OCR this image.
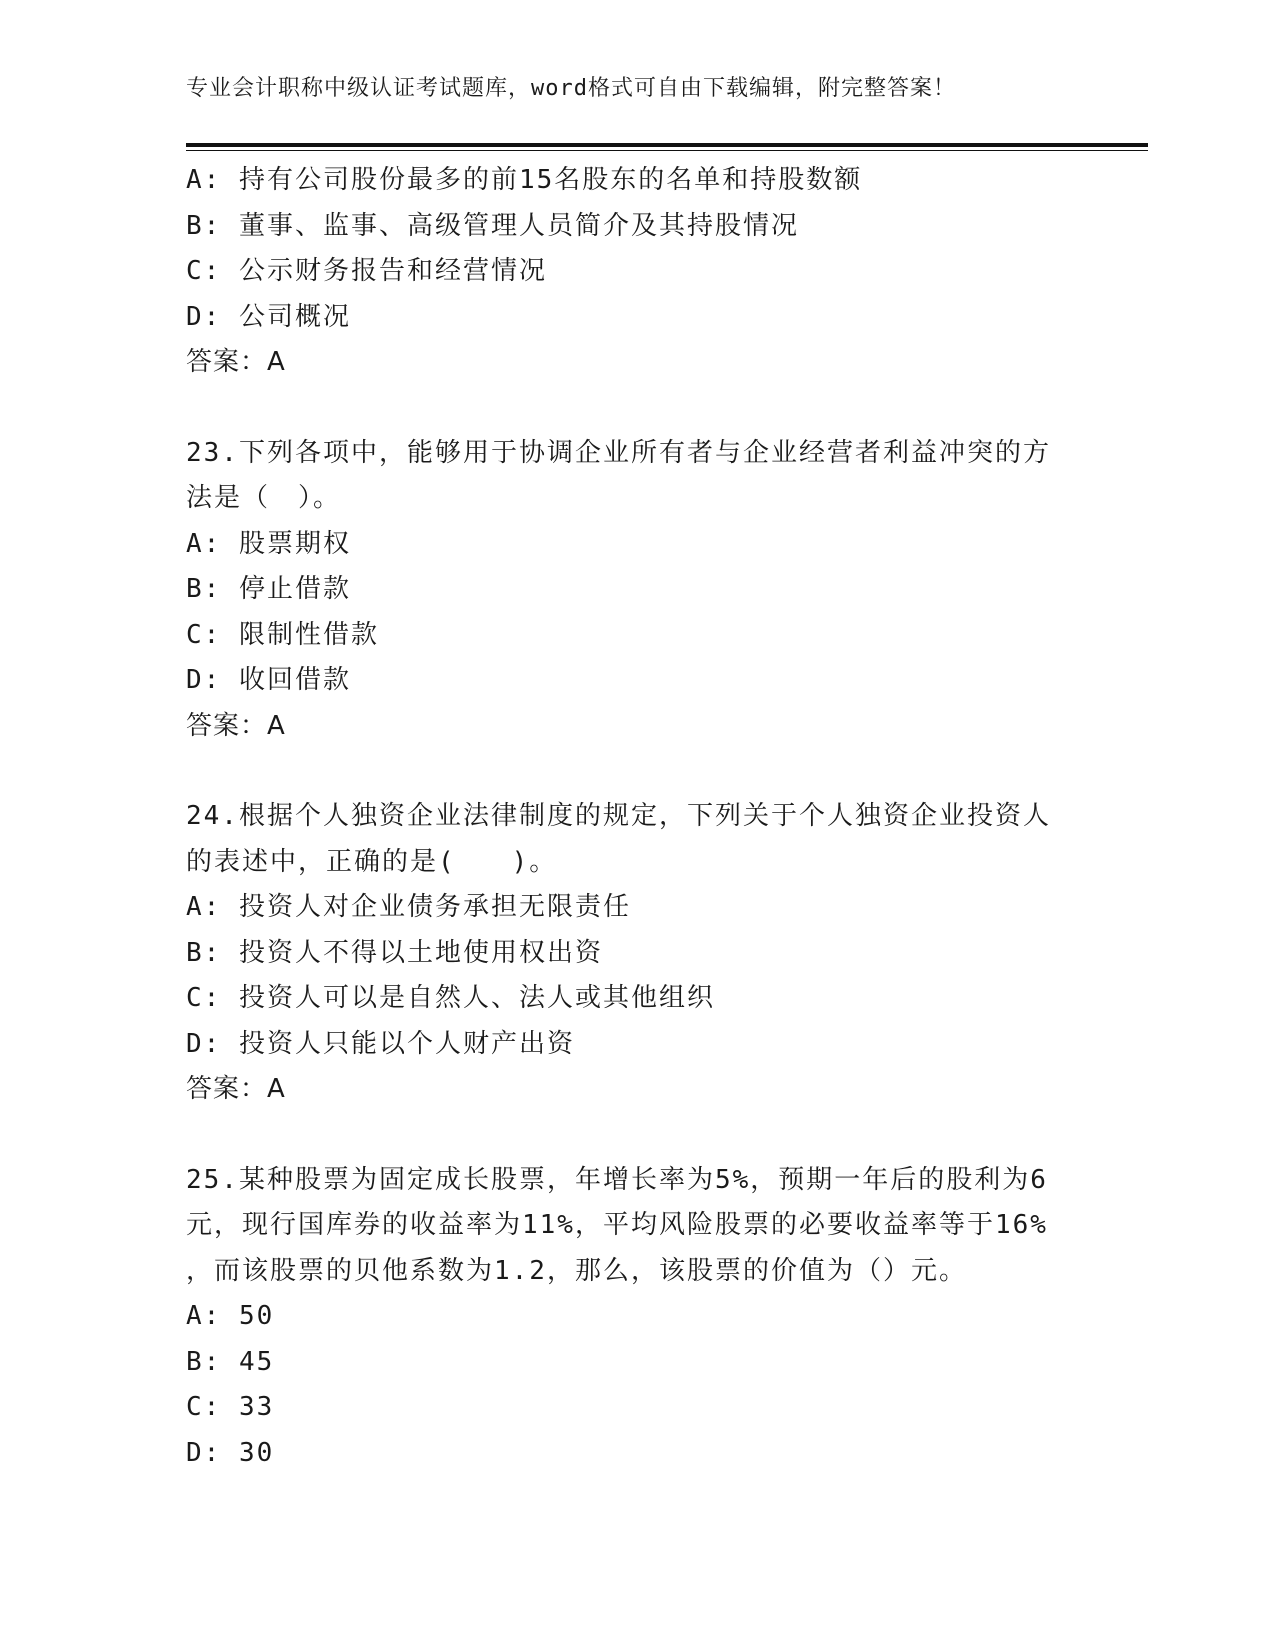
专业会计职称中级认证考试题库，word格式可自由下载编辑，附完整答案！
A: 持有公司股份最多的前15名股东的名单和持股数额
B: 董事、监事、高级管理人员简介及其持股情况
C: 公示财务报告和经营情况
D: 公司概况
答案：A
23.下列各项中，能够用于协调企业所有者与企业经营者利益冲突的方
法是（　）。
A: 股票期权
B: 停止借款
C: 限制性借款
D: 收回借款
答案：A
24.根据个人独资企业法律制度的规定，下列关于个人独资企业投资人
的表述中，正确的是(　　)。
A: 投资人对企业债务承担无限责任
B: 投资人不得以土地使用权出资
C: 投资人可以是自然人、法人或其他组织
D: 投资人只能以个人财产出资
答案：A
25.某种股票为固定成长股票，年增长率为5%，预期一年后的股利为6
元，现行国库券的收益率为11%，平均风险股票的必要收益率等于16%
，而该股票的贝他系数为1.2，那么，该股票的价值为（）元。
A: 50
B: 45
C: 33
D: 30
